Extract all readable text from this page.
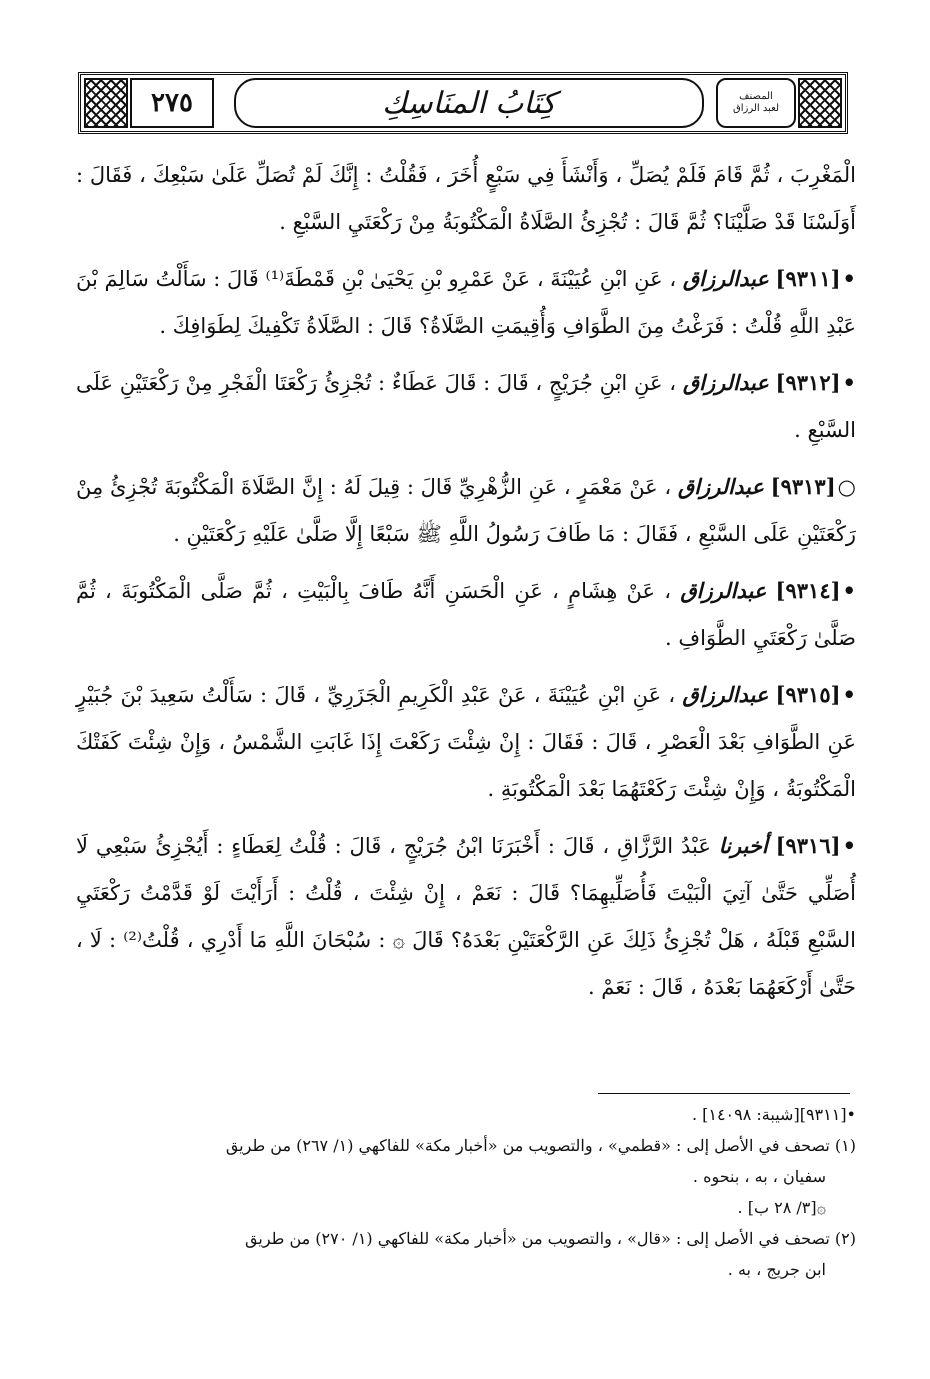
٢٧٥	كِتَابُ المنَاسِكِ	المصنف
لعبد الرزاق

الْمَغْرِبَ ، ثُمَّ قَامَ فَلَمْ يُصَلِّ ، وَأَنْشَأَ فِي سَبْعٍ أُخَرَ ، فَقُلْتُ : إِنَّكَ لَمْ تُصَلِّ عَلَىٰ سَبْعِكَ ، فَقَالَ : أَوَلَسْنَا قَدْ صَلَّيْنَا؟ ثُمَّ قَالَ : تُجْزِئُ الصَّلَاةُ الْمَكْتُوبَةُ مِنْ رَكْعَتَيِ السَّبْعِ .

•[٩٣١١] عبدالرزاق ، عَنِ ابْنِ عُيَيْنَةَ ، عَنْ عَمْرِو بْنِ يَحْيَىٰ بْنِ قَمْطَةَ⁽¹⁾ قَالَ : سَأَلْتُ سَالِمَ بْنَ عَبْدِ اللَّهِ قُلْتُ : فَرَغْتُ مِنَ الطَّوَافِ وَأُقِيمَتِ الصَّلَاةُ؟ قَالَ : الصَّلَاةُ تَكْفِيكَ لِطَوَافِكَ .

•[٩٣١٢] عبدالرزاق ، عَنِ ابْنِ جُرَيْجٍ ، قَالَ : قَالَ عَطَاءٌ : تُجْزِئُ رَكْعَتَا الْفَجْرِ مِنْ رَكْعَتَيْنِ عَلَى السَّبْعِ .

○[٩٣١٣] عبدالرزاق ، عَنْ مَعْمَرٍ ، عَنِ الزُّهْرِيِّ قَالَ : قِيلَ لَهُ : إِنَّ الصَّلَاةَ الْمَكْتُوبَةَ تُجْزِئُ مِنْ رَكْعَتَيْنِ عَلَى السَّبْعِ ، فَقَالَ : مَا طَافَ رَسُولُ اللَّهِ ﷺ سَبْعًا إِلَّا صَلَّىٰ عَلَيْهِ رَكْعَتَيْنِ .

•[٩٣١٤] عبدالرزاق ، عَنْ هِشَامٍ ، عَنِ الْحَسَنِ أَنَّهُ طَافَ بِالْبَيْتِ ، ثُمَّ صَلَّى الْمَكْتُوبَةَ ، ثُمَّ صَلَّىٰ رَكْعَتَيِ الطَّوَافِ .

•[٩٣١٥] عبدالرزاق ، عَنِ ابْنِ عُيَيْنَةَ ، عَنْ عَبْدِ الْكَرِيمِ الْجَزَرِيِّ ، قَالَ : سَأَلْتُ سَعِيدَ بْنَ جُبَيْرٍ عَنِ الطَّوَافِ بَعْدَ الْعَصْرِ ، قَالَ : فَقَالَ : إِنْ شِئْتَ رَكَعْتَ إِذَا غَابَتِ الشَّمْسُ ، وَإِنْ شِئْتَ كَفَتْكَ الْمَكْتُوبَةُ ، وَإِنْ شِئْتَ رَكَعْتَهُمَا بَعْدَ الْمَكْتُوبَةِ .

•[٩٣١٦] أخبرنا عَبْدُ الرَّزَّاقِ ، قَالَ : أَخْبَرَنَا ابْنُ جُرَيْجٍ ، قَالَ : قُلْتُ لِعَطَاءٍ : أَيُجْزِئُ سَبْعِي لَا أُصَلِّي حَتَّىٰ آتِيَ الْبَيْتَ فَأُصَلِّيهِمَا؟ قَالَ : نَعَمْ ، إِنْ شِئْتَ ، قُلْتُ : أَرَأَيْتَ لَوْ قَدَّمْتُ رَكْعَتَيِ السَّبْعِ قَبْلَهُ ، هَلْ تُجْزِئُ ذَلِكَ عَنِ الرَّكْعَتَيْنِ بَعْدَهُ؟ قَالَ ۞ : سُبْحَانَ اللَّهِ مَا أَدْرِي ، قُلْتُ⁽²⁾ : لَا ، حَتَّىٰ أَرْكَعَهُمَا بَعْدَهُ ، قَالَ : نَعَمْ .

•[٩٣١١][شيبة: ١٤٠٩٨] .

(١) تصحف في الأصل إلى : «قطمي» ، والتصويب من «أخبار مكة» للفاكهي (١/ ٢٦٧) من طريق

سفيان ، به ، بنحوه .

۞[٣/ ٢٨ ب] .

(٢) تصحف في الأصل إلى : «قال» ، والتصويب من «أخبار مكة» للفاكهي (١/ ٢٧٠) من طريق

ابن جريج ، به .
